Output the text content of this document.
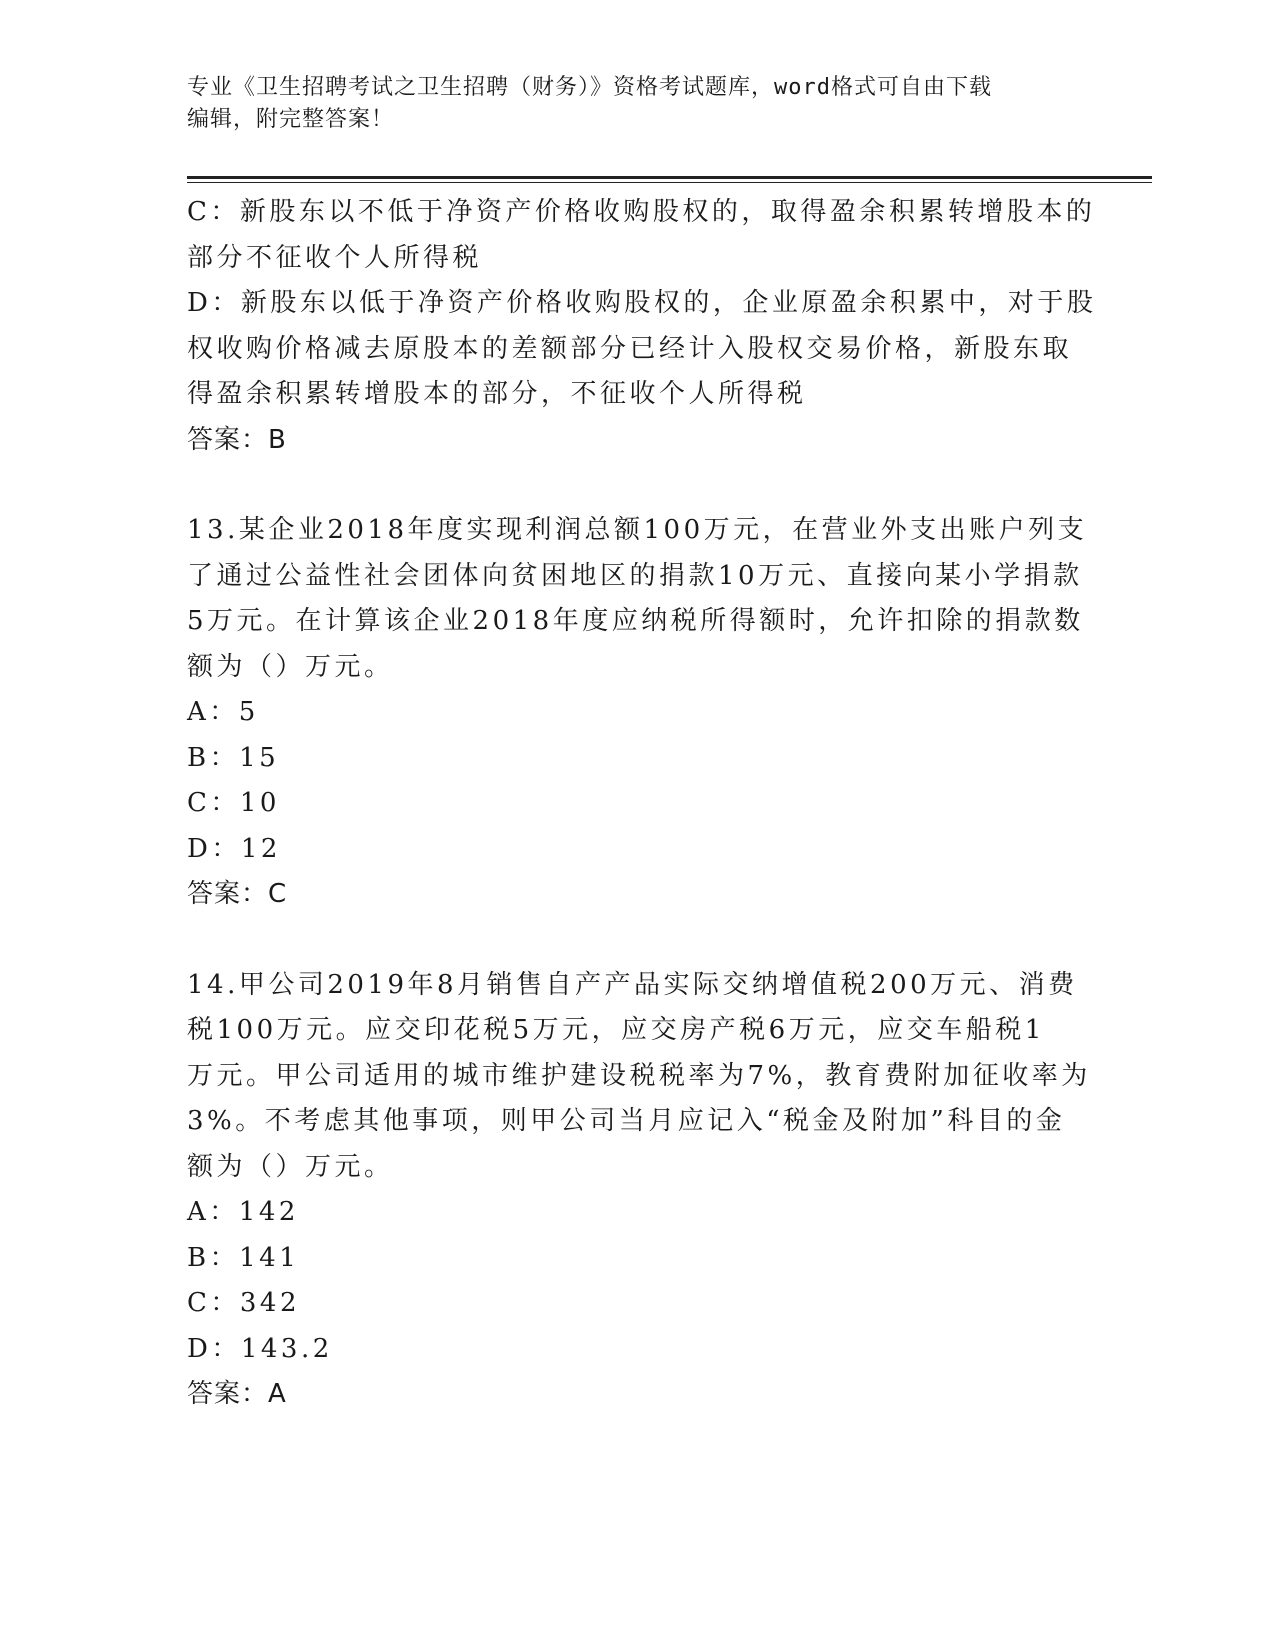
专业《卫生招聘考试之卫生招聘（财务）》资格考试题库，word格式可自由下载
编辑，附完整答案！
C：新股东以不低于净资产价格收购股权的，取得盈余积累转增股本的
部分不征收个人所得税
D：新股东以低于净资产价格收购股权的，企业原盈余积累中，对于股
权收购价格减去原股本的差额部分已经计入股权交易价格，新股东取
得盈余积累转增股本的部分，不征收个人所得税
答案：B
13.某企业2018年度实现利润总额100万元，在营业外支出账户列支
了通过公益性社会团体向贫困地区的捐款10万元、直接向某小学捐款
5万元。在计算该企业2018年度应纳税所得额时，允许扣除的捐款数
额为（）万元。
A：5
B：15
C：10
D：12
答案：C
14.甲公司2019年8月销售自产产品实际交纳增值税200万元、消费
税100万元。应交印花税5万元，应交房产税6万元，应交车船税1
万元。甲公司适用的城市维护建设税税率为7%，教育费附加征收率为
3%。不考虑其他事项，则甲公司当月应记入“税金及附加”科目的金
额为（）万元。
A：142
B：141
C：342
D：143.2
答案：A
